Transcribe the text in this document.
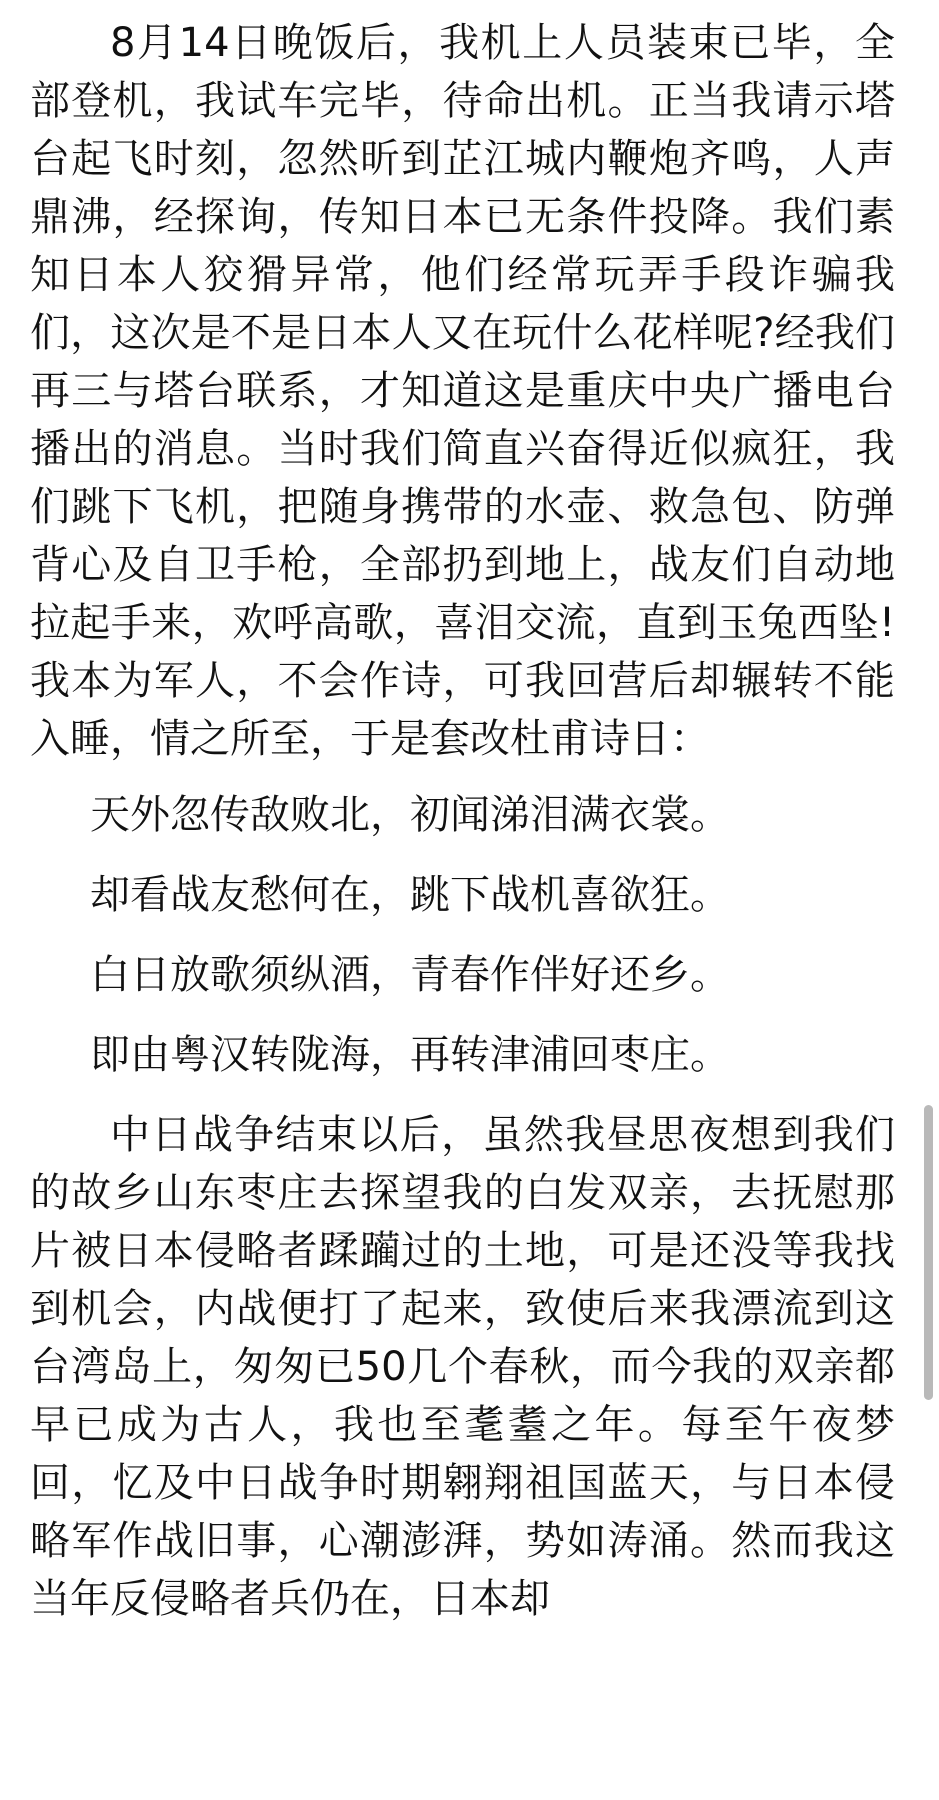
8月14日晚饭后，我机上人员装束已毕，全部登机，我试车完毕，待命出机。正当我请示塔台起飞时刻，忽然昕到芷江城内鞭炮齐鸣，人声鼎沸，经探询，传知日本已无条件投降。我们素知日本人狡猾异常，他们经常玩弄手段诈骗我们，这次是不是日本人又在玩什么花样呢?经我们再三与塔台联系，才知道这是重庆中央广播电台播出的消息。当时我们简直兴奋得近似疯狂，我们跳下飞机，把随身携带的水壶、救急包、防弹背心及自卫手枪，全部扔到地上，战友们自动地拉起手来，欢呼高歌，喜泪交流，直到玉兔西坠!我本为军人，不会作诗，可我回营后却辗转不能入睡，情之所至，于是套改杜甫诗日：

天外忽传敌败北，初闻涕泪满衣裳。

却看战友愁何在，跳下战机喜欲狂。

白日放歌须纵酒，青春作伴好还乡。

即由粤汉转陇海，再转津浦回枣庄。

中日战争结束以后，虽然我昼思夜想到我们的故乡山东枣庄去探望我的白发双亲，去抚慰那片被日本侵略者蹂躏过的土地，可是还没等我找到机会，内战便打了起来，致使后来我漂流到这台湾岛上，匆匆已50几个春秋，而今我的双亲都早已成为古人，我也至耄耋之年。每至午夜梦回，忆及中日战争时期翱翔祖国蓝天，与日本侵略军作战旧事，心潮澎湃，势如涛涌。然而我这当年反侵略者兵仍在，日本却
